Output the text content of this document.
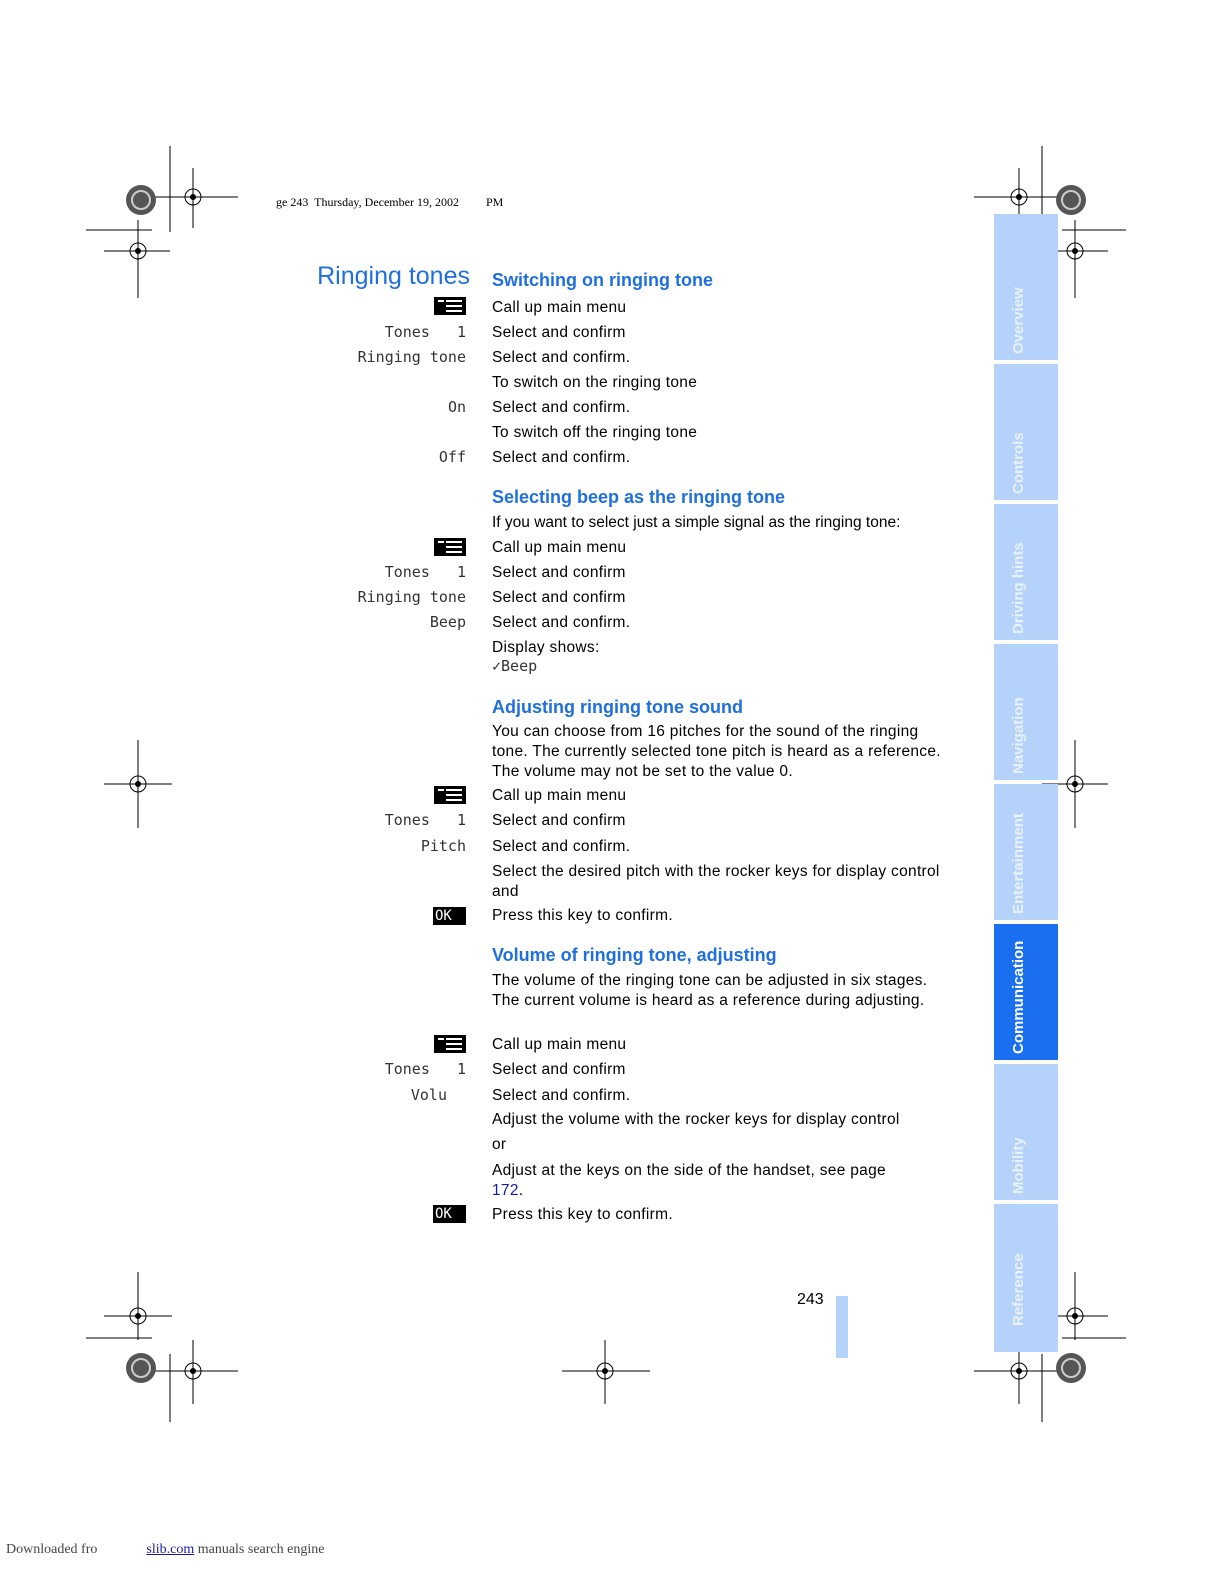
ge 243  Thursday, December 19, 2002         PM
Ringing tones Switching on ringing tone
Call up main menu
Tones   1 Select and confirm
Ringing tone Select and confirm.
To switch on the ringing tone
On Select and confirm.
To switch off the ringing tone
Off Select and confirm.
Selecting beep as the ringing tone
If you want to select just a simple signal as the ringing tone:
Call up main menu
Tones   1 Select and confirm
Ringing tone Select and confirm
Beep Select and confirm.
Display shows:
✓Beep
Adjusting ringing tone sound
You can choose from 16 pitches for the sound of the ringing tone. The currently selected tone pitch is heard as a reference. The volume may not be set to the value 0.
Call up main menu
Tones   1 Select and confirm
Pitch Select and confirm.
Select the desired pitch with the rocker keys for display control and
OK	Press this key to confirm.
Volume of ringing tone, adjusting
The volume of the ringing tone can be adjusted in six stages. The current volume is heard as a reference during adjusting.
Call up main menu
Tones   1 Select and confirm
Volu	Select and confirm.
Adjust the volume with the rocker keys for display control
or
Adjust at the keys on the side of the handset, see page 172.
OK	Press this key to confirm.
Overview
Controls
Driving hints
Navigation
Entertainment
Communication
Mobility
Reference
243
Downloaded fro	slib.com manuals search engine
